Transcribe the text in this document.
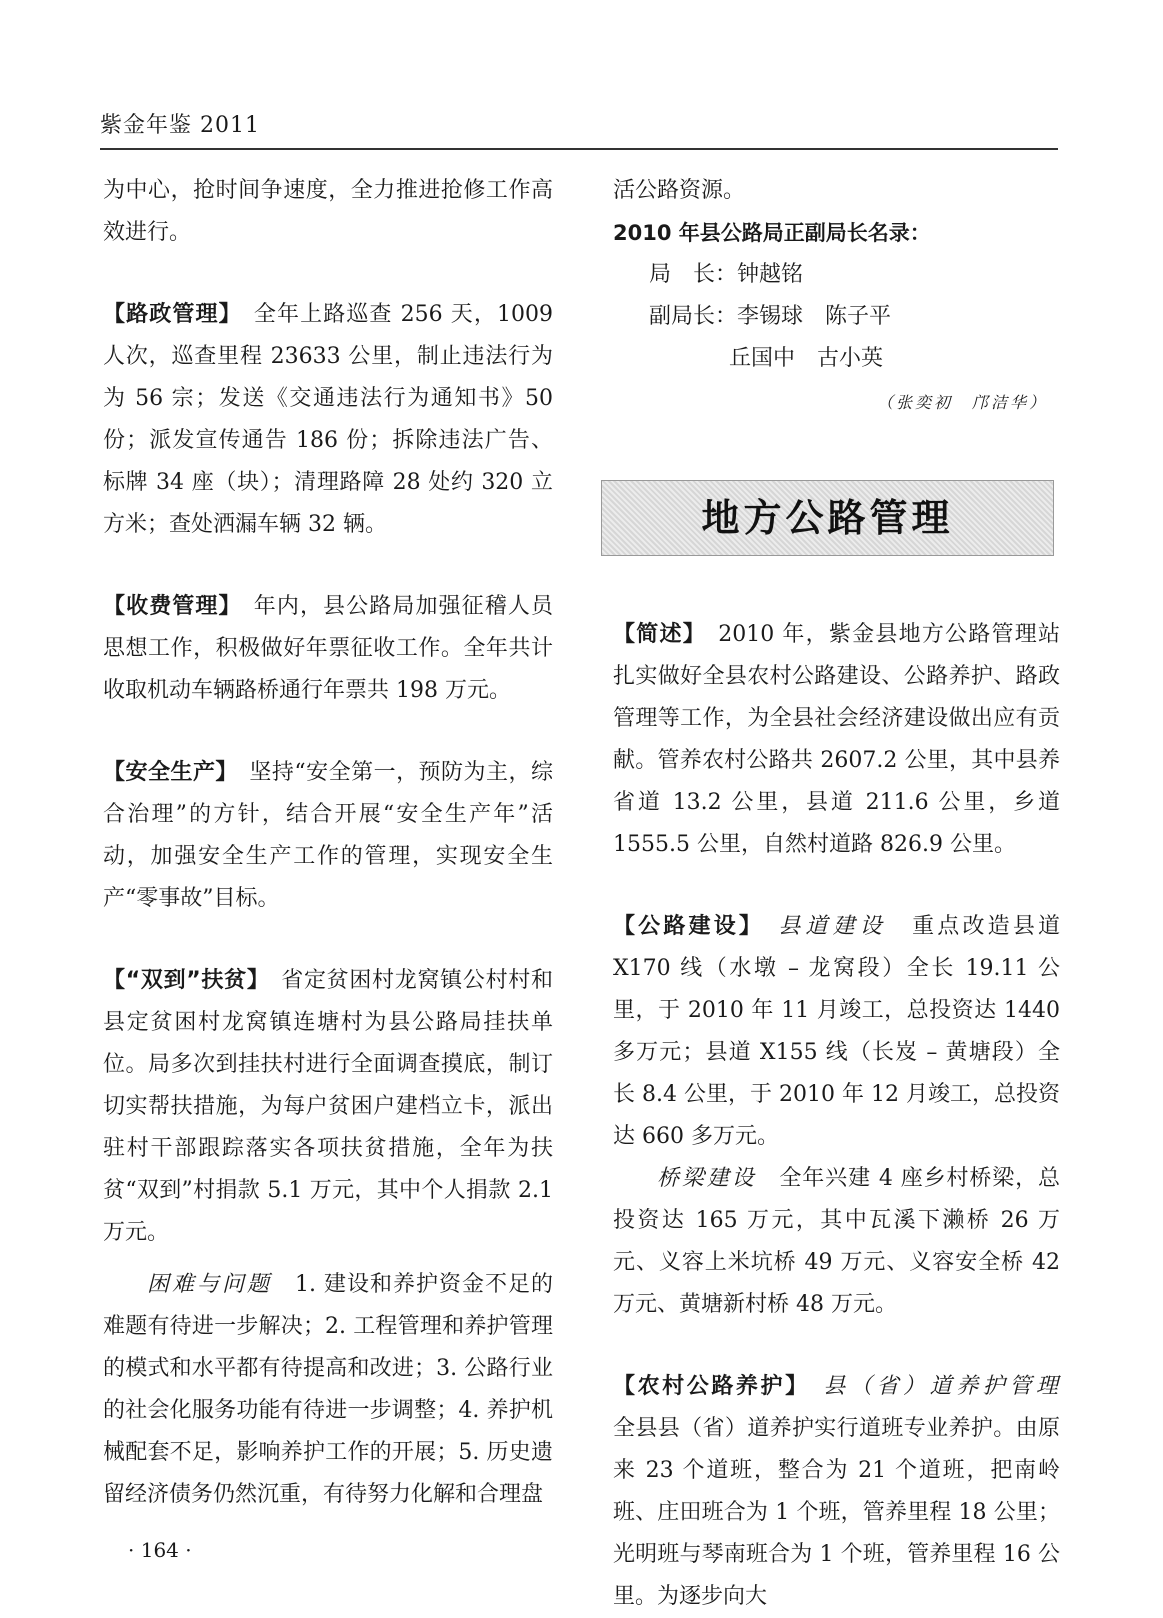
紫金年鉴 2011

为中心，抢时间争速度，全力推进抢修工作高效进行。

【路政管理】　 全年上路巡查 256 天，1009 人次，巡查里程 23633 公里，制止违法行为为 56 宗；发送《交通违法行为通知书》50 份；派发宣传通告 186 份；拆除违法广告、标牌 34 座（块）；清理路障 28 处约 320 立方米；查处洒漏车辆 32 辆。

【收费管理】　 年内，县公路局加强征稽人员思想工作，积极做好年票征收工作。全年共计收取机动车辆路桥通行年票共 198 万元。

【安全生产】　 坚持“安全第一，预防为主，综合治理”的方针，结合开展“安全生产年”活动，加强安全生产工作的管理，实现安全生产“零事故”目标。

【“双到”扶贫】　 省定贫困村龙窝镇公村村和县定贫困村龙窝镇连塘村为县公路局挂扶单位。局多次到挂扶村进行全面调查摸底，制订切实帮扶措施，为每户贫困户建档立卡，派出驻村干部跟踪落实各项扶贫措施，全年为扶贫“双到”村捐款 5.1 万元，其中个人捐款 2.1 万元。

困难与问题　 1. 建设和养护资金不足的难题有待进一步解决；2. 工程管理和养护管理的模式和水平都有待提高和改进；3. 公路行业的社会化服务功能有待进一步调整；4. 养护机械配套不足，影响养护工作的开展；5. 历史遗留经济债务仍然沉重，有待努力化解和合理盘

活公路资源。

2010 年县公路局正副局长名录：

局　长：钟越铭
副局长：李锡球　陈子平
丘国中　古小英
（张奕初　邝洁华）
地方公路管理

【简述】　 2010 年，紫金县地方公路管理站扎实做好全县农村公路建设、公路养护、路政管理等工作，为全县社会经济建设做出应有贡献。管养农村公路共 2607.2 公里，其中县养省道 13.2 公里，县道 211.6 公里，乡道 1555.5 公里，自然村道路 826.9 公里。

【公路建设】　 县道建设　 重点改造县道 X170 线（水墩 – 龙窝段）全长 19.11 公里，于 2010 年 11 月竣工，总投资达 1440 多万元；县道 X155 线（长岌 – 黄塘段）全长 8.4 公里，于 2010 年 12 月竣工，总投资达 660 多万元。

桥梁建设　 全年兴建 4 座乡村桥梁，总投资达 165 万元，其中瓦溪下濑桥 26 万元、义容上米坑桥 49 万元、义容安全桥 42 万元、黄塘新村桥 48 万元。

【农村公路养护】　 县（省）道养护管理　全县县（省）道养护实行道班专业养护。由原来 23 个道班，整合为 21 个道班，把南岭班、庄田班合为 1 个班，管养里程 18 公里；光明班与琴南班合为 1 个班，管养里程 16 公里。为逐步向大

· 164 ·
